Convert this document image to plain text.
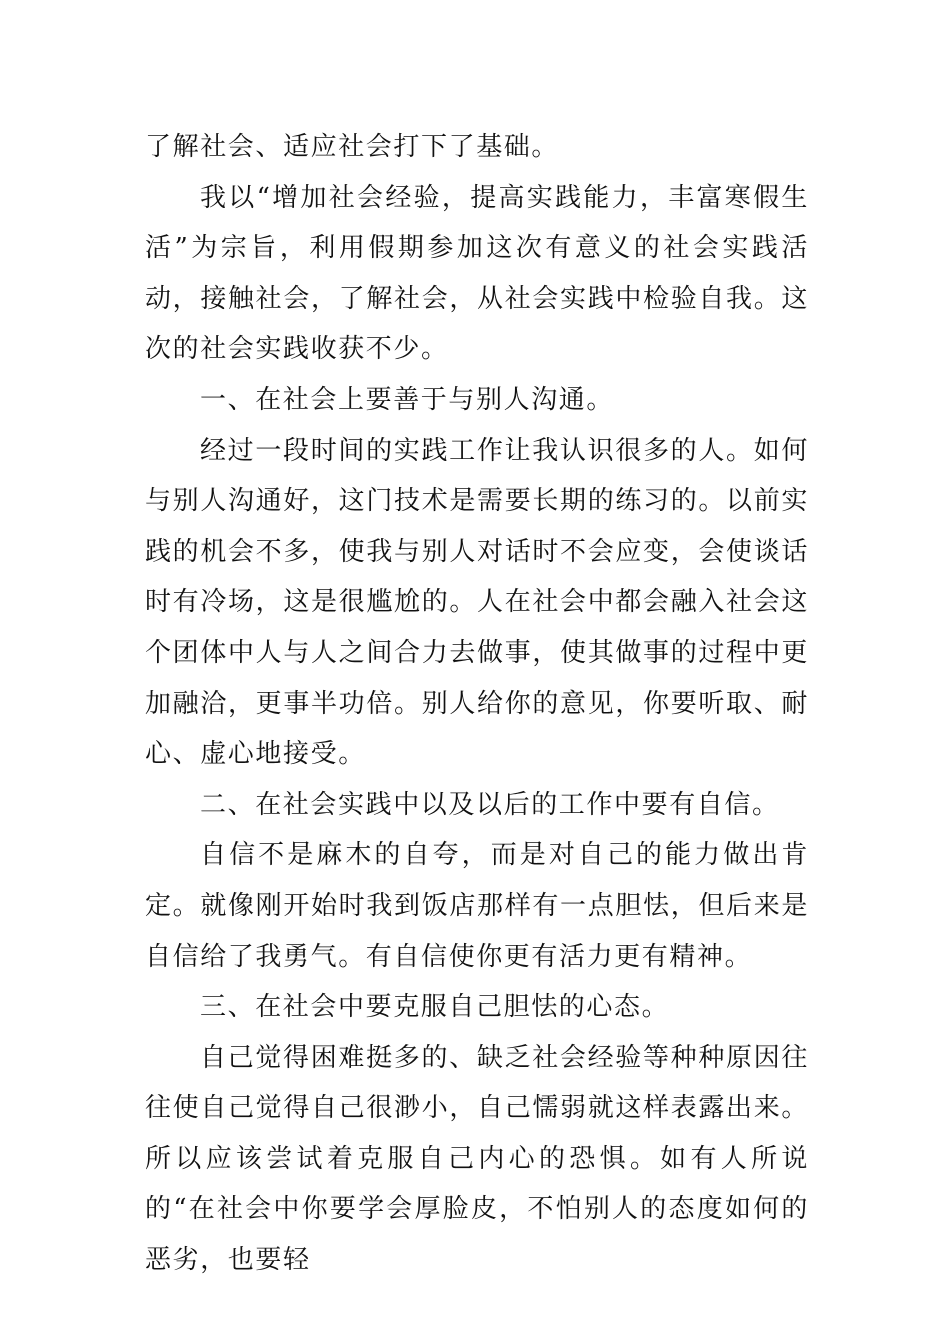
了解社会、适应社会打下了基础。

我以“增加社会经验，提高实践能力，丰富寒假生活”为宗旨，利用假期参加这次有意义的社会实践活动，接触社会，了解社会，从社会实践中检验自我。这次的社会实践收获不少。

一、在社会上要善于与别人沟通。

经过一段时间的实践工作让我认识很多的人。如何与别人沟通好，这门技术是需要长期的练习的。以前实践的机会不多，使我与别人对话时不会应变，会使谈话时有冷场，这是很尴尬的。人在社会中都会融入社会这个团体中人与人之间合力去做事，使其做事的过程中更加融洽，更事半功倍。别人给你的意见，你要听取、耐心、虚心地接受。

二、在社会实践中以及以后的工作中要有自信。

自信不是麻木的自夸，而是对自己的能力做出肯定。就像刚开始时我到饭店那样有一点胆怯，但后来是自信给了我勇气。有自信使你更有活力更有精神。

三、在社会中要克服自己胆怯的心态。

自己觉得困难挺多的、缺乏社会经验等种种原因往往使自己觉得自己很渺小，自己懦弱就这样表露出来。所以应该尝试着克服自己内心的恐惧。如有人所说的“在社会中你要学会厚脸皮，不怕别人的态度如何的恶劣，也要轻
